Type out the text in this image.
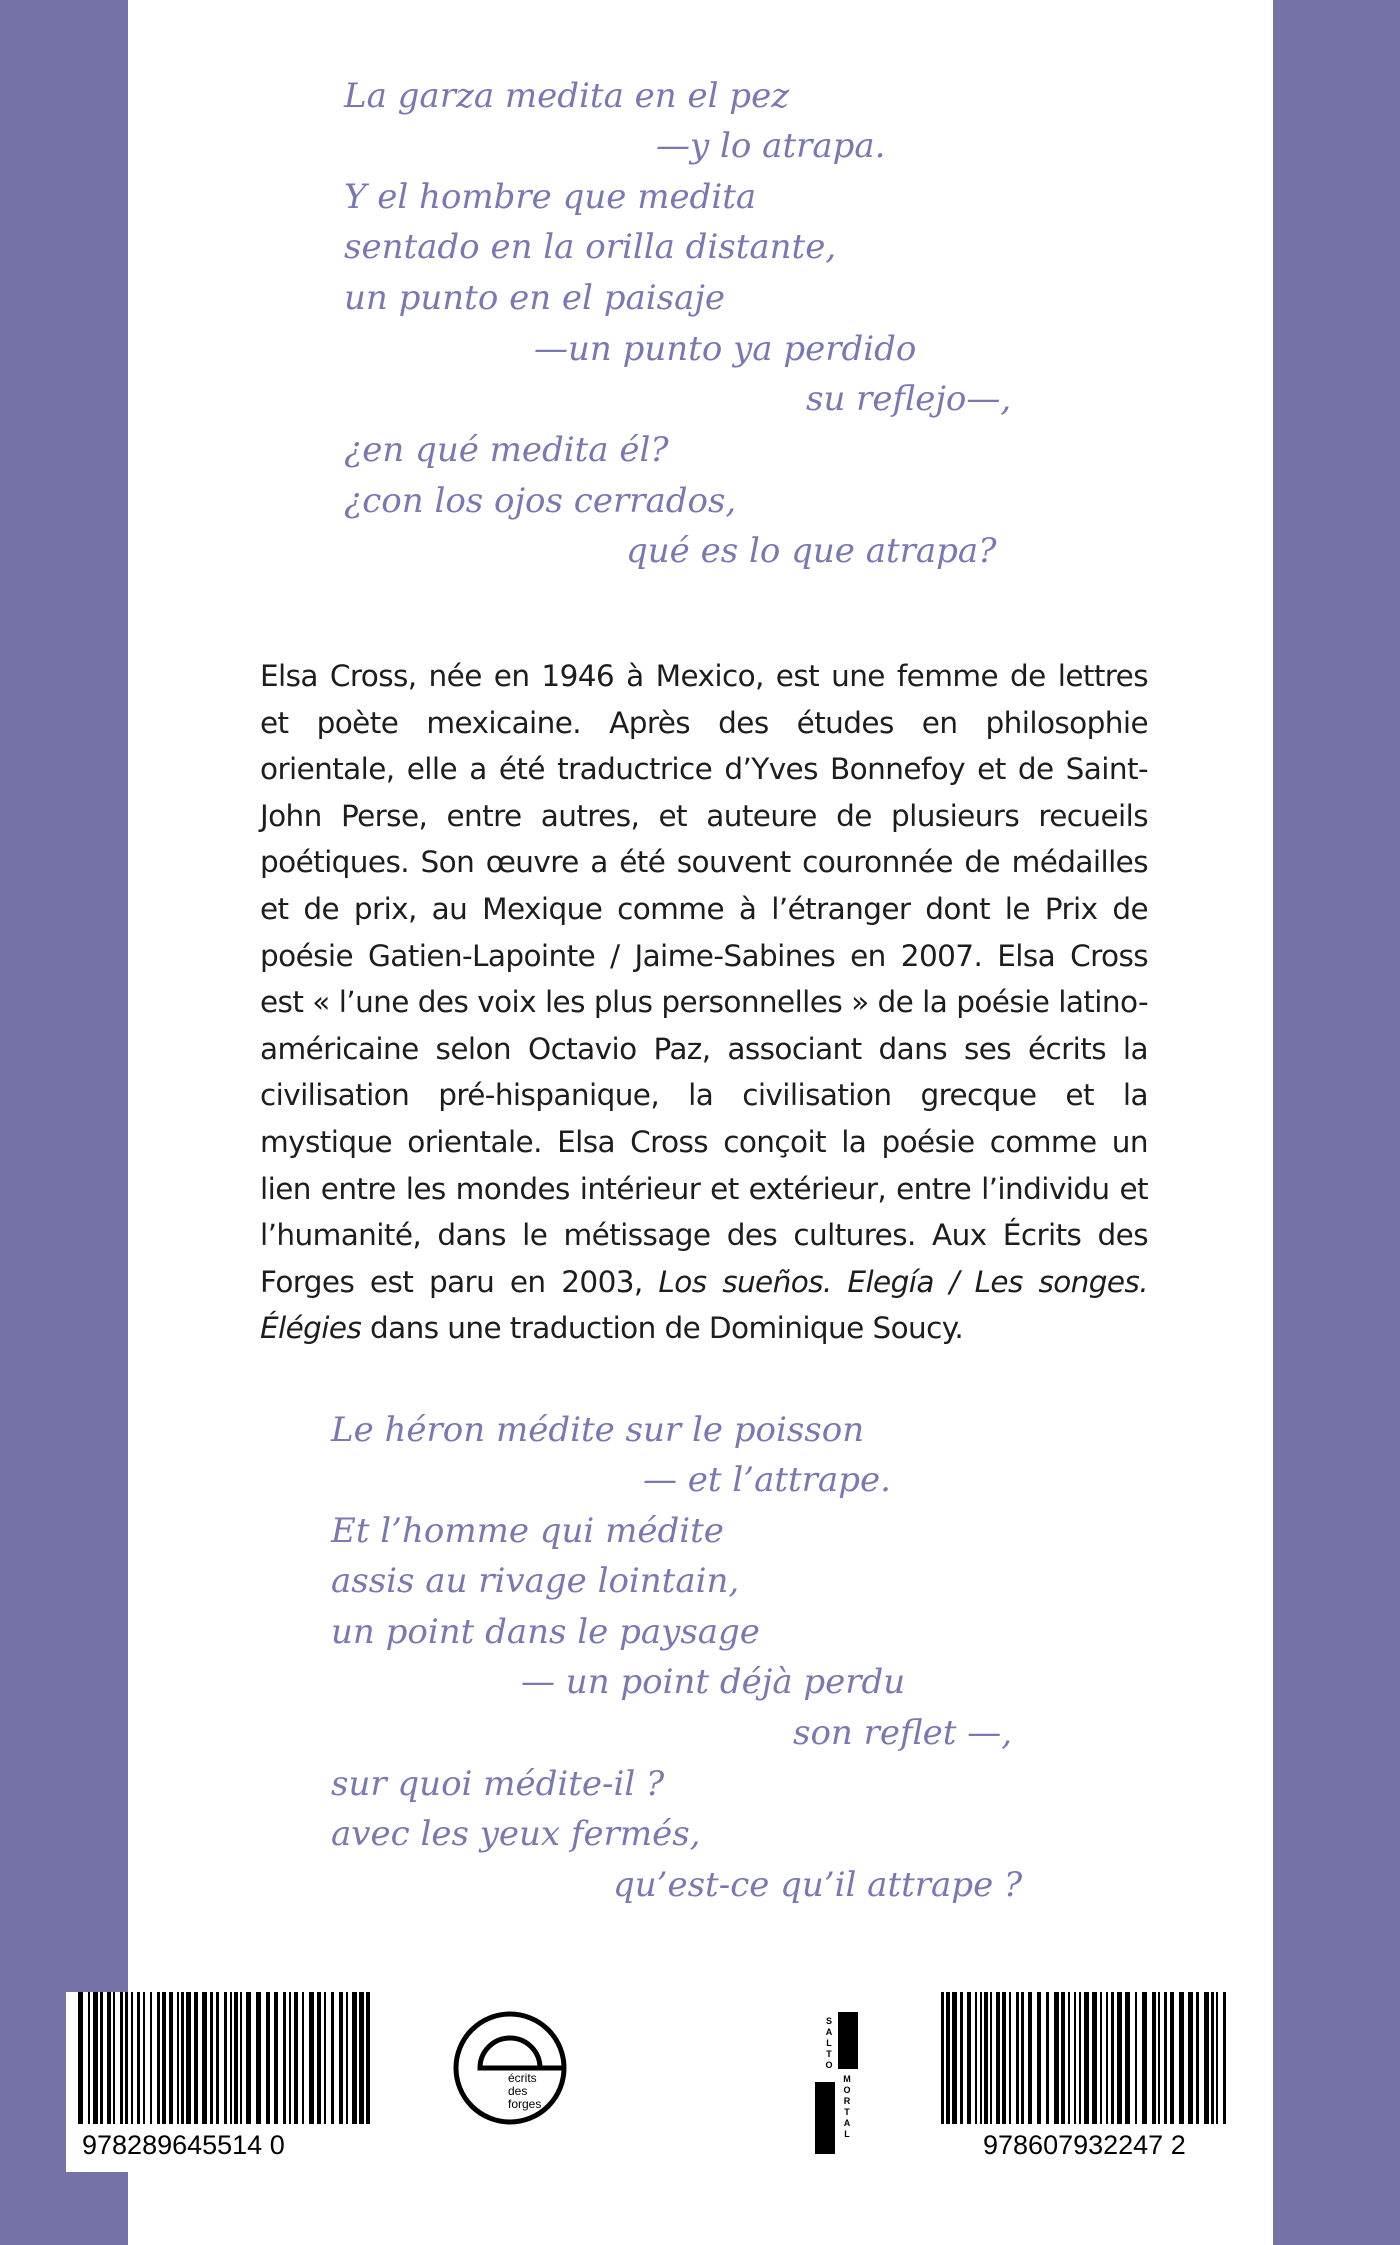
La garza medita en el pez
—y lo atrapa.
Y el hombre que medita
sentado en la orilla distante,
un punto en el paisaje
—un punto ya perdido
su reflejo—,
¿en qué medita él?
¿con los ojos cerrados,
qué es lo que atrapa?
Elsa Cross, née en 1946 à Mexico, est une femme de lettres et poète mexicaine. Après des études en philosophie orientale, elle a été traductrice d’Yves Bonnefoy et de Saint-John Perse, entre autres, et auteure de plusieurs recueils poétiques. Son œuvre a été souvent couronnée de médailles et de prix, au Mexique comme à l’étranger dont le Prix de poésie Gatien-Lapointe / Jaime-Sabines en 2007. Elsa Cross est « l’une des voix les plus personnelles » de la poésie latino-américaine selon Octavio Paz, associant dans ses écrits la civilisation pré-hispanique, la civilisation grecque et la mystique orientale. Elsa Cross conçoit la poésie comme un lien entre les mondes intérieur et extérieur, entre l’individu et l’humanité, dans le métissage des cultures. Aux Écrits des Forges est paru en 2003, Los sueños. Elegía / Les songes. Élégies dans une traduction de Dominique Soucy.
Le héron médite sur le poisson
— et l’attrape.
Et l’homme qui médite
assis au rivage lointain,
un point dans le paysage
— un point déjà perdu
son reflet —,
sur quoi médite-il ?
avec les yeux fermés,
qu’est-ce qu’il attrape ?
978289645514 0
écrits
des
forges
S
A
L
T
O
M
O
R
T
A
L	978607932247 2
